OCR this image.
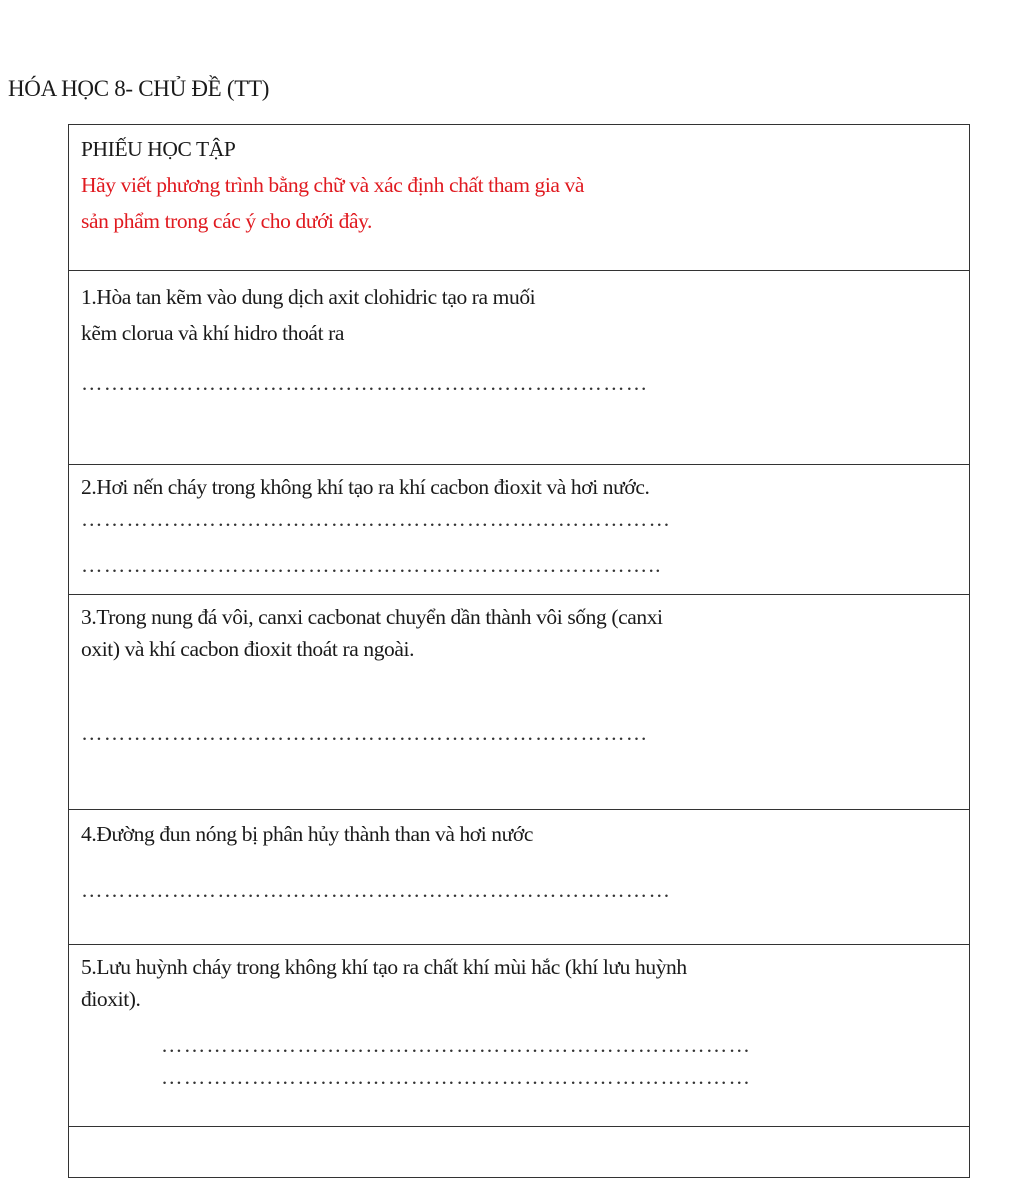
HÓA HỌC 8- CHỦ ĐỀ (TT)
PHIẾU HỌC TẬP
Hãy viết phương trình bằng chữ và xác định chất tham gia và
sản phẩm trong các ý cho dưới đây.
1.Hòa tan kẽm vào dung dịch axit clohidric tạo ra muối
kẽm clorua và khí hidro thoát ra
…………………………………………………………………
2.Hơi nến cháy trong không khí tạo ra khí cacbon đioxit và hơi nước.
……………………………………………………………………
…………………………………………………………………..
3.Trong nung đá vôi, canxi cacbonat chuyển dần thành vôi sống (canxi
oxit) và khí cacbon đioxit thoát ra ngoài.
…………………………………………………………………
4.Đường đun nóng bị phân hủy thành than và hơi nước
……………………………………………………………………
5.Lưu huỳnh cháy trong không khí tạo ra chất khí mùi hắc (khí lưu huỳnh
đioxit).
……………………………………………………………………
……………………………………………………………………
